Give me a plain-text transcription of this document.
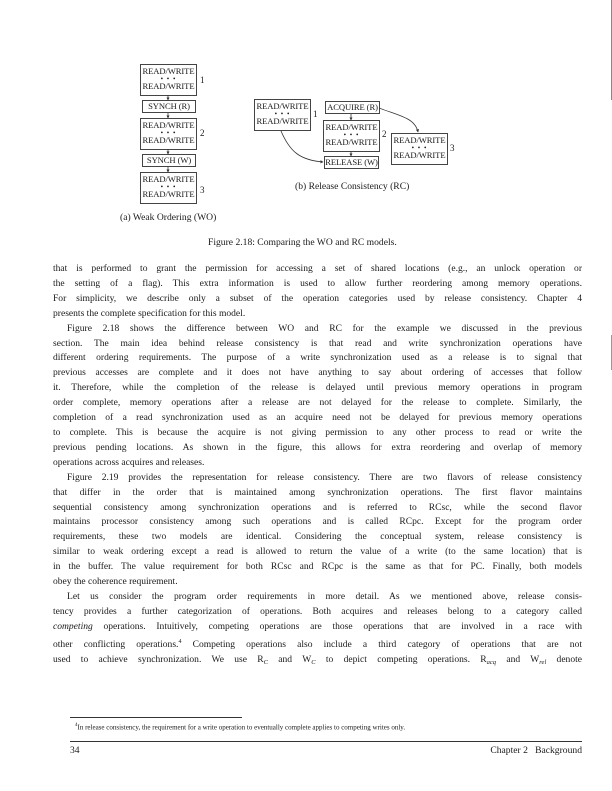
READ/WRITE
• • •
READ/WRITE
1
SYNCH (R)
READ/WRITE
• • •
READ/WRITE
2
SYNCH (W)
READ/WRITE
• • •
READ/WRITE 3
(a) Weak Ordering (WO)
READ/WRITE
• • •
READ/WRITE
1
ACQUIRE (R)
READ/WRITE
• • •
READ/WRITE
2
RELEASE (W)
READ/WRITE
• • •
READ/WRITE
3
(b) Release Consistency (RC)
Figure 2.18: Comparing the WO and RC models.

that is performed to grant the permission for accessing a set of shared locations (e.g., an unlock operation or
the setting of a flag). This extra information is used to allow further reordering among memory operations.
For simplicity, we describe only a subset of the operation categories used by release consistency. Chapter 4
presents the complete specification for this model.

Figure 2.18 shows the difference between WO and RC for the example we discussed in the previous
section. The main idea behind release consistency is that read and write synchronization operations have
different ordering requirements. The purpose of a write synchronization used as a release is to signal that
previous accesses are complete and it does not have anything to say about ordering of accesses that follow
it. Therefore, while the completion of the release is delayed until previous memory operations in program
order complete, memory operations after a release are not delayed for the release to complete. Similarly, the
completion of a read synchronization used as an acquire need not be delayed for previous memory operations
to complete. This is because the acquire is not giving permission to any other process to read or write the
previous pending locations. As shown in the figure, this allows for extra reordering and overlap of memory
operations across acquires and releases.

Figure 2.19 provides the representation for release consistency. There are two flavors of release consistency
that differ in the order that is maintained among synchronization operations. The first flavor maintains
sequential consistency among synchronization operations and is referred to RCsc, while the second flavor
maintains processor consistency among such operations and is called RCpc. Except for the program order
requirements, these two models are identical. Considering the conceptual system, release consistency is
similar to weak ordering except a read is allowed to return the value of a write (to the same location) that is
in the buffer. The value requirement for both RCsc and RCpc is the same as that for PC. Finally, both models
obey the coherence requirement.

Let us consider the program order requirements in more detail. As we mentioned above, release consis-
tency provides a further categorization of operations. Both acquires and releases belong to a category called
competing operations. Intuitively, competing operations are those operations that are involved in a race with
other conflicting operations.$^4$ Competing operations also include a third category of operations that are not
used to achieve synchronization. We use $R_C$ and $W_C$ to depict competing operations. $R_{acq}$ and $W_{rel}$ denote

$^4$In release consistency, the requirement for a write operation to eventually complete applies to competing writes only.
34	Chapter 2 Background
